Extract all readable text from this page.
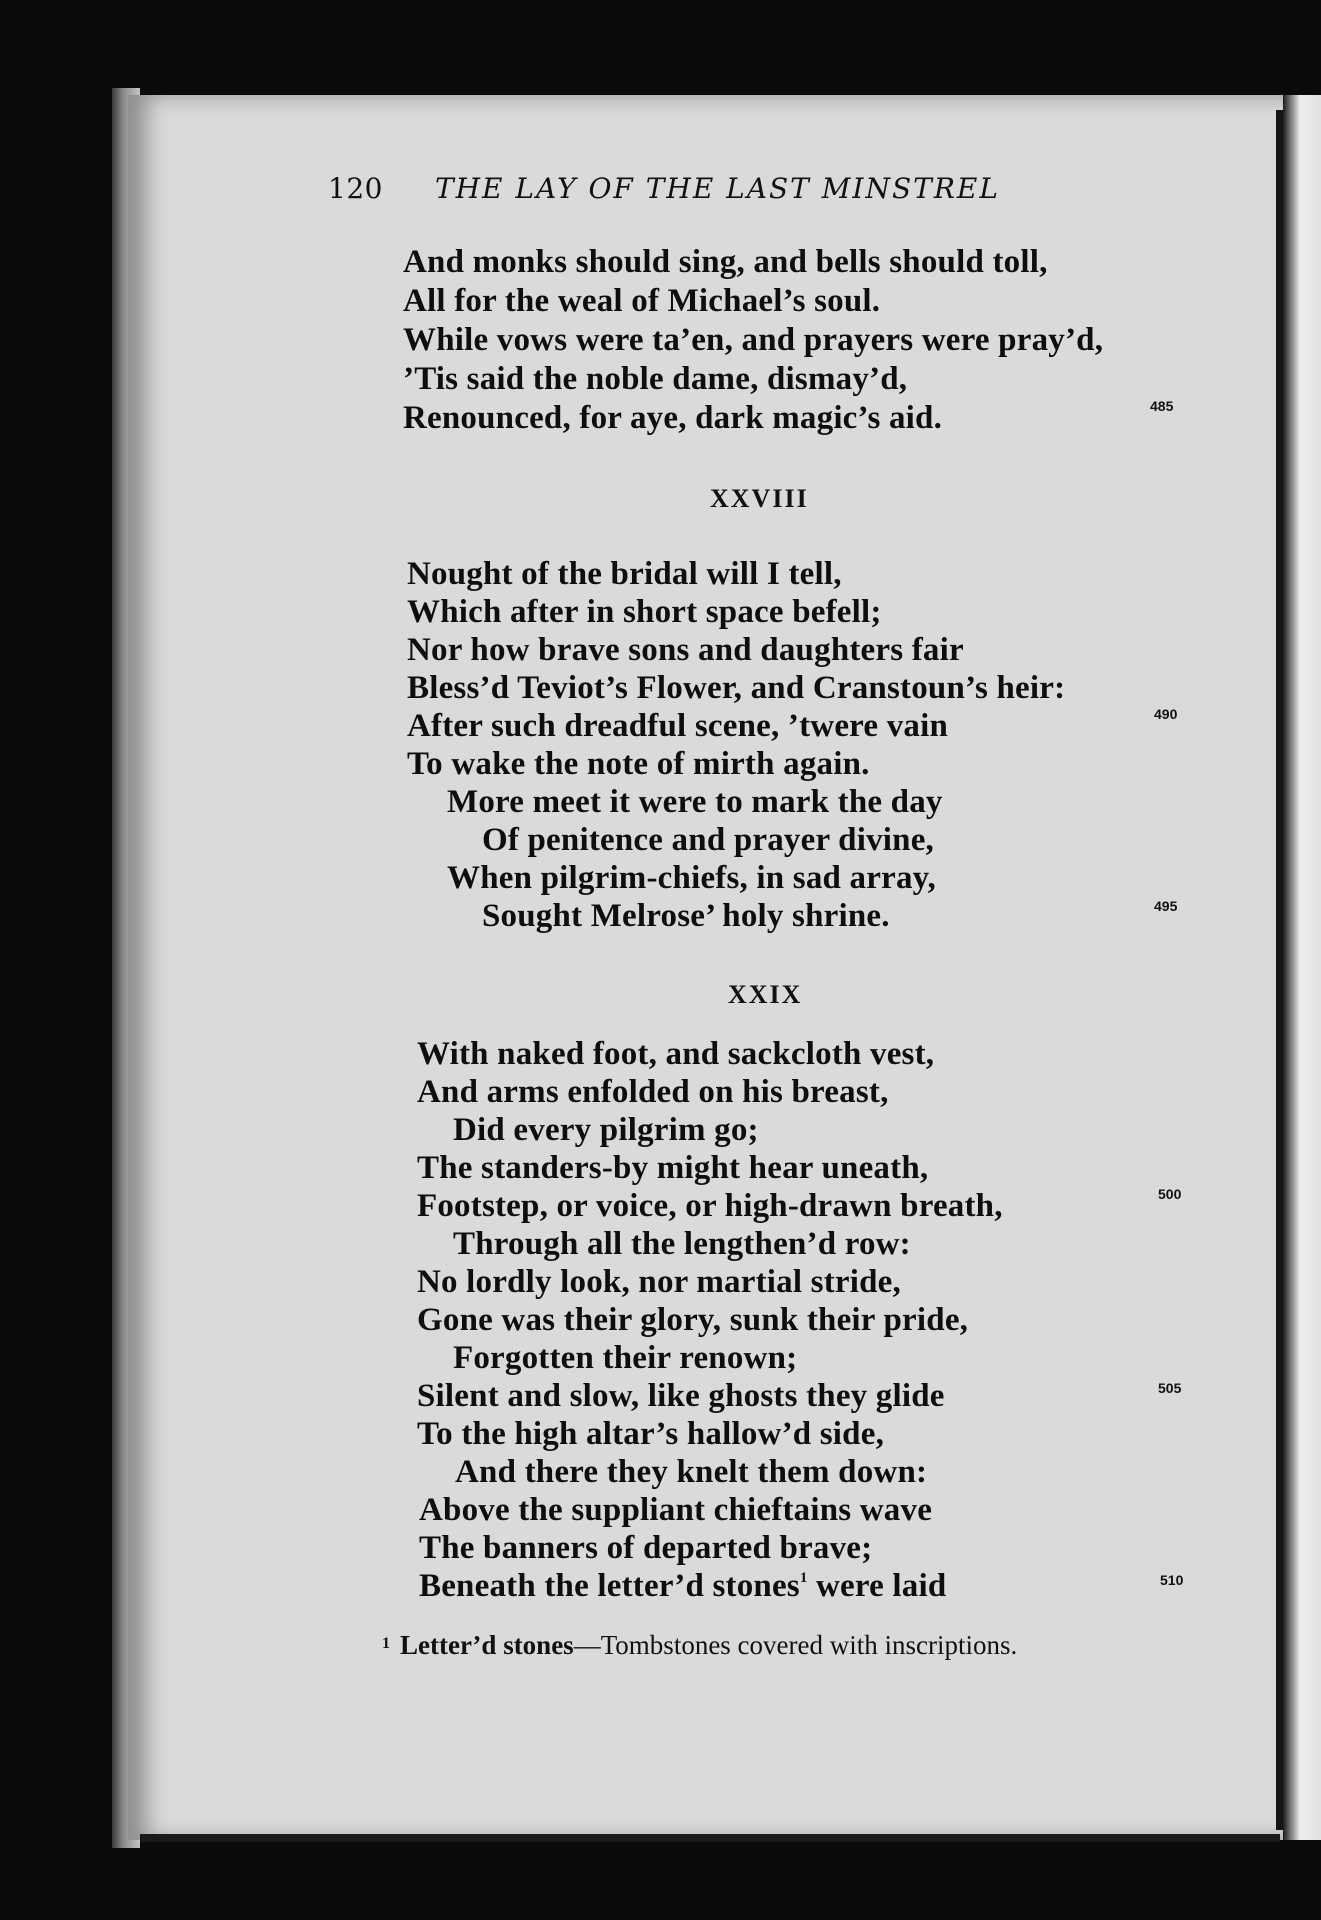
120 THE LAY OF THE LAST MINSTREL
And monks should sing, and bells should toll,
All for the weal of Michael’s soul.
While vows were ta’en, and prayers were pray’d,
’Tis said the noble dame, dismay’d,
Renounced, for aye, dark magic’s aid.	485
XXVIII
Nought of the bridal will I tell,
Which after in short space befell;
Nor how brave sons and daughters fair
Bless’d Teviot’s Flower, and Cranstoun’s heir:
After such dreadful scene, ’twere vain
To wake the note of mirth again.
More meet it were to mark the day
Of penitence and prayer divine,
When pilgrim-chiefs, in sad array,
Sought Melrose’ holy shrine.
490
495
XXIX
With naked foot, and sackcloth vest,
And arms enfolded on his breast,
Did every pilgrim go;
The standers-by might hear uneath,
Footstep, or voice, or high-drawn breath,
Through all the lengthen’d row:
No lordly look, nor martial stride,
Gone was their glory, sunk their pride,
Forgotten their renown;
Silent and slow, like ghosts they glide
To the high altar’s hallow’d side,
And there they knelt them down:
Above the suppliant chieftains wave
The banners of departed brave;
Beneath the letter’d stones$^1$ were laid
500
505
510
$^1$ Letter’d stones—Tombstones covered with inscriptions.
